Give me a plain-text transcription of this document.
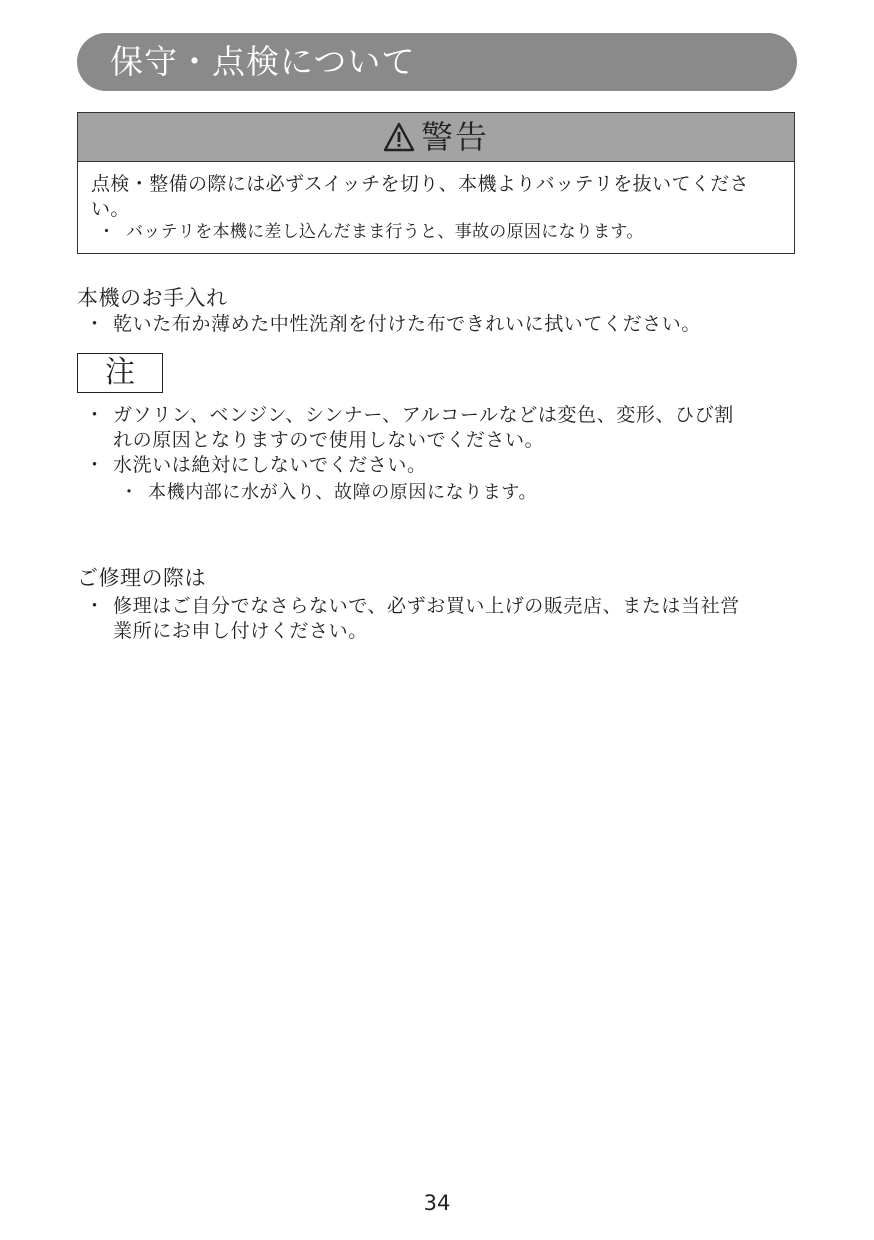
保守・点検について
警告
点検・整備の際には必ずスイッチを切り、本機よりバッテリを抜いてください。
・ バッテリを本機に差し込んだまま行うと、事故の原因になります。
本機のお手入れ
・ 乾いた布か薄めた中性洗剤を付けた布できれいに拭いてください。
注
・ ガソリン、ベンジン、シンナー、アルコールなどは変色、変形、ひび割
れの原因となりますので使用しないでください。
・ 水洗いは絶対にしないでください。
・ 本機内部に水が入り、故障の原因になります。
ご修理の際は
・ 修理はご自分でなさらないで、必ずお買い上げの販売店、または当社営
業所にお申し付けください。
34
